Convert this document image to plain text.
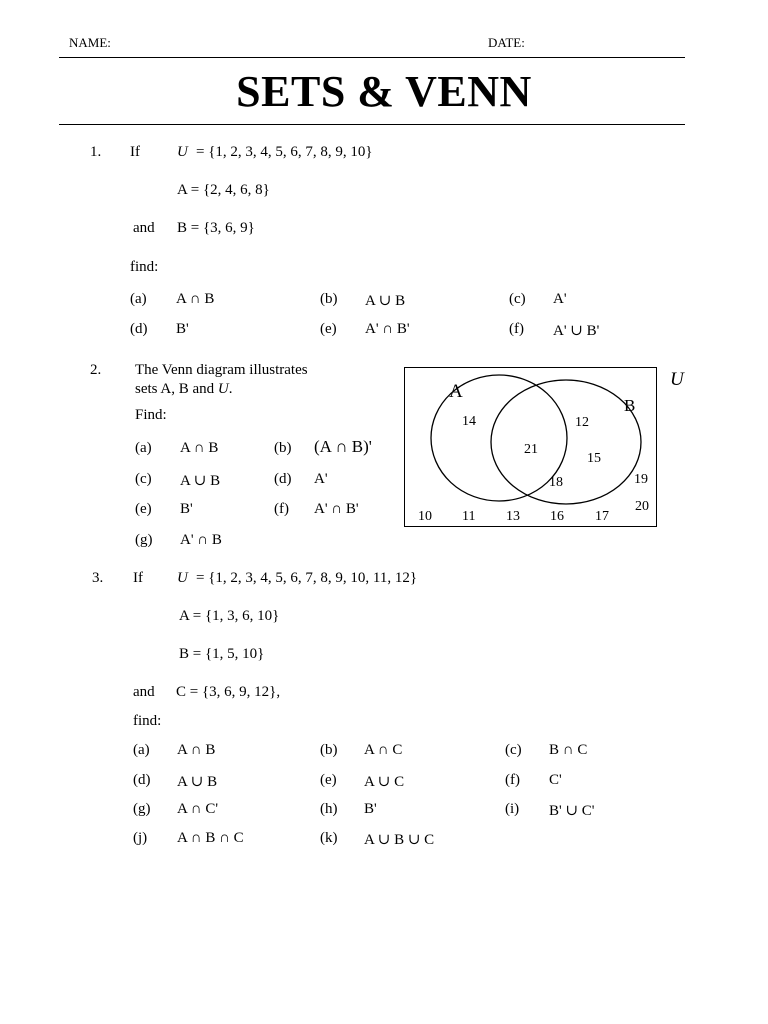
NAME:	DATE:
SETS & VENN
1. If U = {1, 2, 3, 4, 5, 6, 7, 8, 9, 10}
A = {2, 4, 6, 8}
and B = {3, 6, 9}
find:
(a) A ∩ B	(b) A ∪ B	(c) A'
(d) B'	(e) A' ∩ B'	(f) A' ∪ B'
2. The Venn diagram illustrates
sets A, B and U.
Find:
(a) A ∩ B	(b) (A ∩ B)'
(c) A ∪ B	(d) A'
(e) B'	(f) A' ∩ B'
(g) A' ∩ B
A
B
14
21
12
15
18	19
20
10 11 13 16 17
U
3. If U = {1, 2, 3, 4, 5, 6, 7, 8, 9, 10, 11, 12}
A = {1, 3, 6, 10}
B = {1, 5, 10}
and C = {3, 6, 9, 12},
find:
(a) A ∩ B	(b) A ∩ C	(c) B ∩ C
(d) A ∪ B	(e) A ∪ C	(f) C'
(g) A ∩ C'	(h) B'	(i) B' ∪ C'
(j) A ∩ B ∩ C	(k) A ∪ B ∪ C
